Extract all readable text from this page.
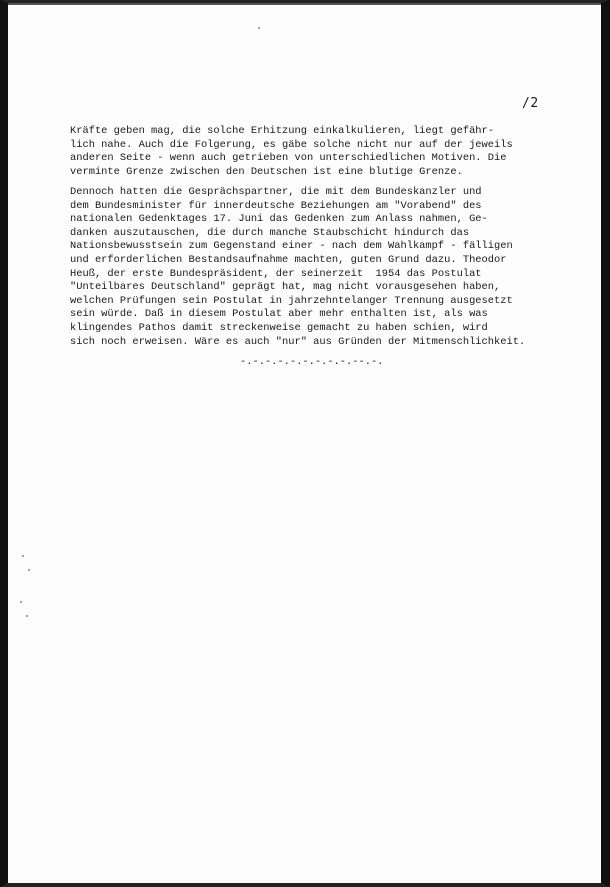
/2

Kräfte geben mag, die solche Erhitzung einkalkulieren, liegt gefähr-
lich nahe. Auch die Folgerung, es gäbe solche nicht nur auf der jeweils
anderen Seite - wenn auch getrieben von unterschiedlichen Motiven. Die
verminte Grenze zwischen den Deutschen ist eine blutige Grenze.

Dennoch hatten die Gesprächspartner, die mit dem Bundeskanzler und
dem Bundesminister für innerdeutsche Beziehungen am "Vorabend" des
nationalen Gedenktages 17. Juni das Gedenken zum Anlass nahmen, Ge-
danken auszutauschen, die durch manche Staubschicht hindurch das
Nationsbewusstsein zum Gegenstand einer - nach dem Wahlkampf - fälligen
und erforderlichen Bestandsaufnahme machten, guten Grund dazu. Theodor
Heuß, der erste Bundespräsident, der seinerzeit  1954 das Postulat
"Unteilbares Deutschland" geprägt hat, mag nicht vorausgesehen haben,
welchen Prüfungen sein Postulat in jahrzehntelanger Trennung ausgesetzt
sein würde. Daß in diesem Postulat aber mehr enthalten ist, als was
klingendes Pathos damit streckenweise gemacht zu haben schien, wird
sich noch erweisen. Wäre es auch "nur" aus Gründen der Mitmenschlichkeit.

-.-.-.-.-.-.-.-.-.--.-.
